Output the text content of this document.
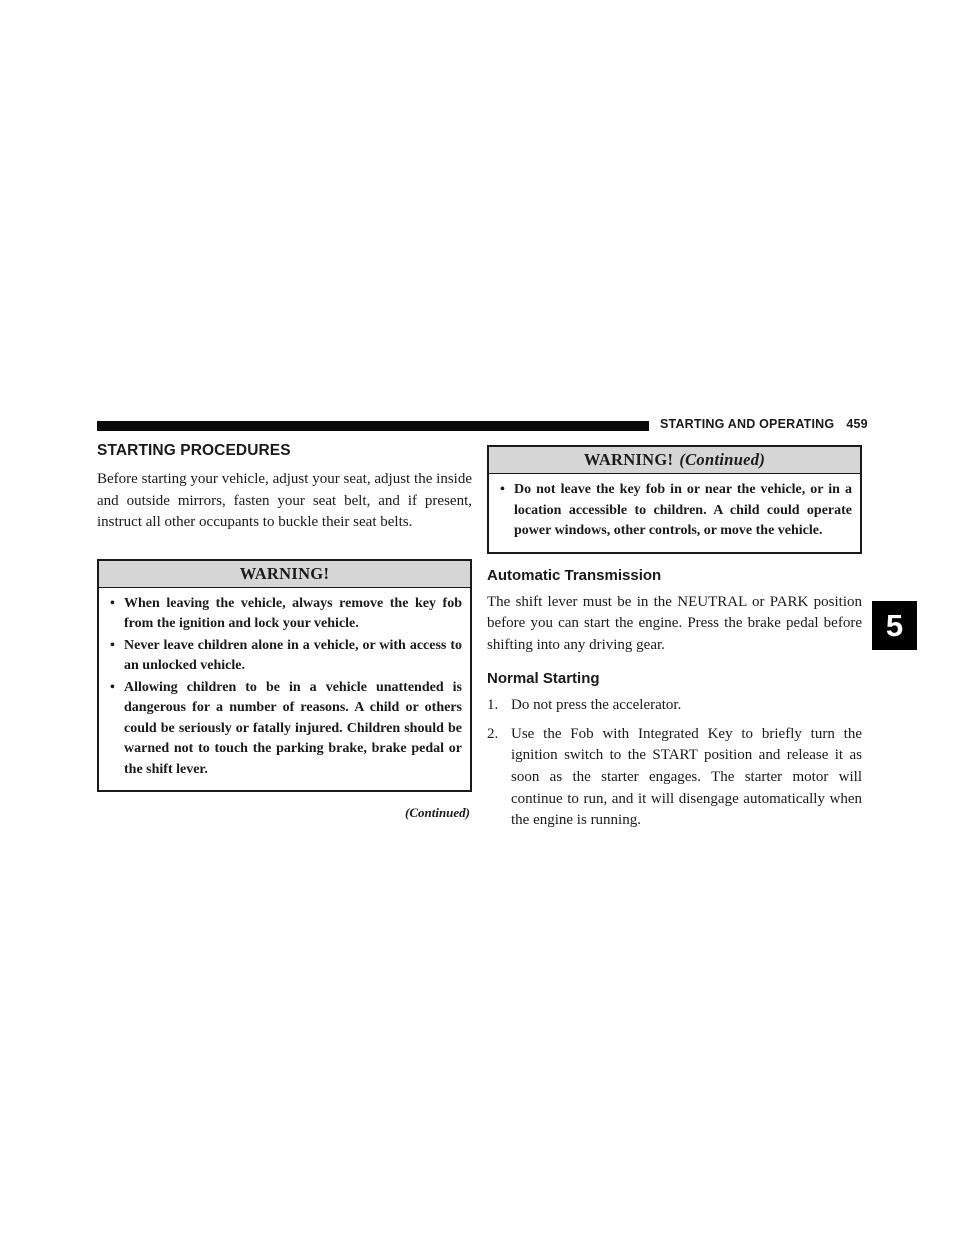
STARTING AND OPERATING 459
5
STARTING PROCEDURES

Before starting your vehicle, adjust your seat, adjust the inside and outside mirrors, fasten your seat belt, and if present, instruct all other occupants to buckle their seat belts.

WARNING!
• When leaving the vehicle, always remove the key fob from the ignition and lock your vehicle.
• Never leave children alone in a vehicle, or with access to an unlocked vehicle.
• Allowing children to be in a vehicle unattended is dangerous for a number of reasons. A child or others could be seriously or fatally injured. Children should be warned not to touch the parking brake, brake pedal or the shift lever.
(Continued)
WARNING! (Continued)
• Do not leave the key fob in or near the vehicle, or in a location accessible to children. A child could operate power windows, other controls, or move the vehicle.
Automatic Transmission

The shift lever must be in the NEUTRAL or PARK position before you can start the engine. Press the brake pedal before shifting into any driving gear.

Normal Starting
1. Do not press the accelerator.
2. Use the Fob with Integrated Key to briefly turn the ignition switch to the START position and release it as soon as the starter engages. The starter motor will continue to run, and it will disengage automatically when the engine is running.
